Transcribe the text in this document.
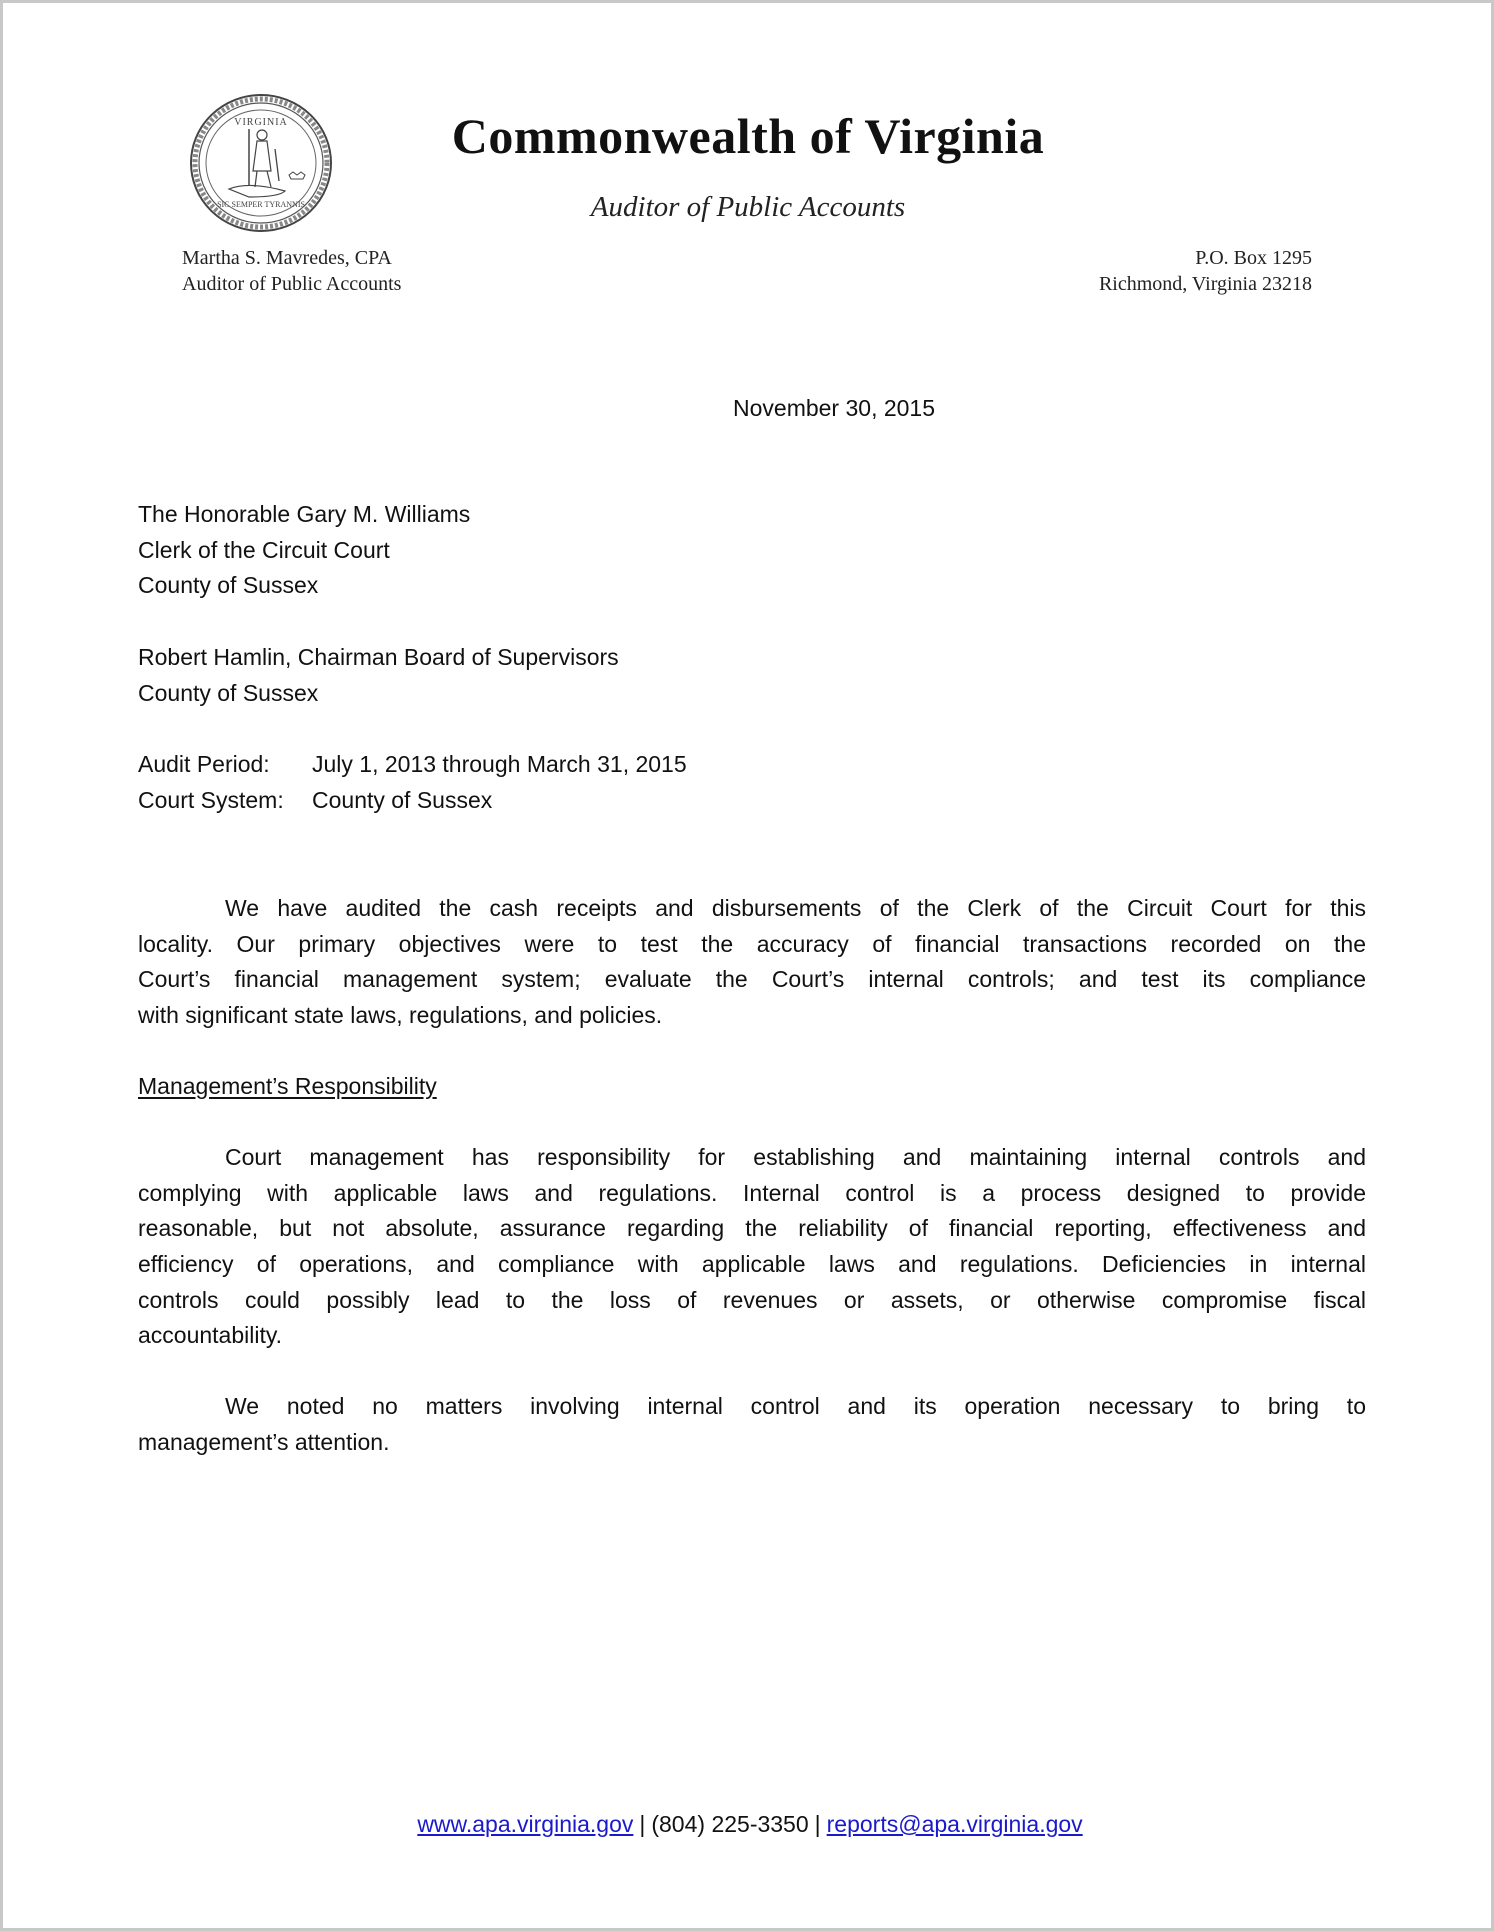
VIRGINIA
SIC SEMPER TYRANNIS
Commonwealth of Virginia
Auditor of Public Accounts
Martha S. Mavredes, CPA
Auditor of Public Accounts
P.O. Box 1295
Richmond, Virginia 23218
November 30, 2015
The Honorable Gary M. Williams
Clerk of the Circuit Court
County of Sussex
Robert Hamlin, Chairman Board of Supervisors
County of Sussex
Audit Period:	July 1, 2013 through March 31, 2015
Court System:	County of Sussex
We have audited the cash receipts and disbursements of the Clerk of the Circuit Court for this
locality. Our primary objectives were to test the accuracy of financial transactions recorded on the
Court’s financial management system; evaluate the Court’s internal controls; and test its compliance
with significant state laws, regulations, and policies.
Management’s Responsibility
Court management has responsibility for establishing and maintaining internal controls and
complying with applicable laws and regulations. Internal control is a process designed to provide
reasonable, but not absolute, assurance regarding the reliability of financial reporting, effectiveness and
efficiency of operations, and compliance with applicable laws and regulations. Deficiencies in internal
controls could possibly lead to the loss of revenues or assets, or otherwise compromise fiscal
accountability.
We noted no matters involving internal control and its operation necessary to bring to
management’s attention.
www.apa.virginia.gov | (804) 225-3350 | reports@apa.virginia.gov
